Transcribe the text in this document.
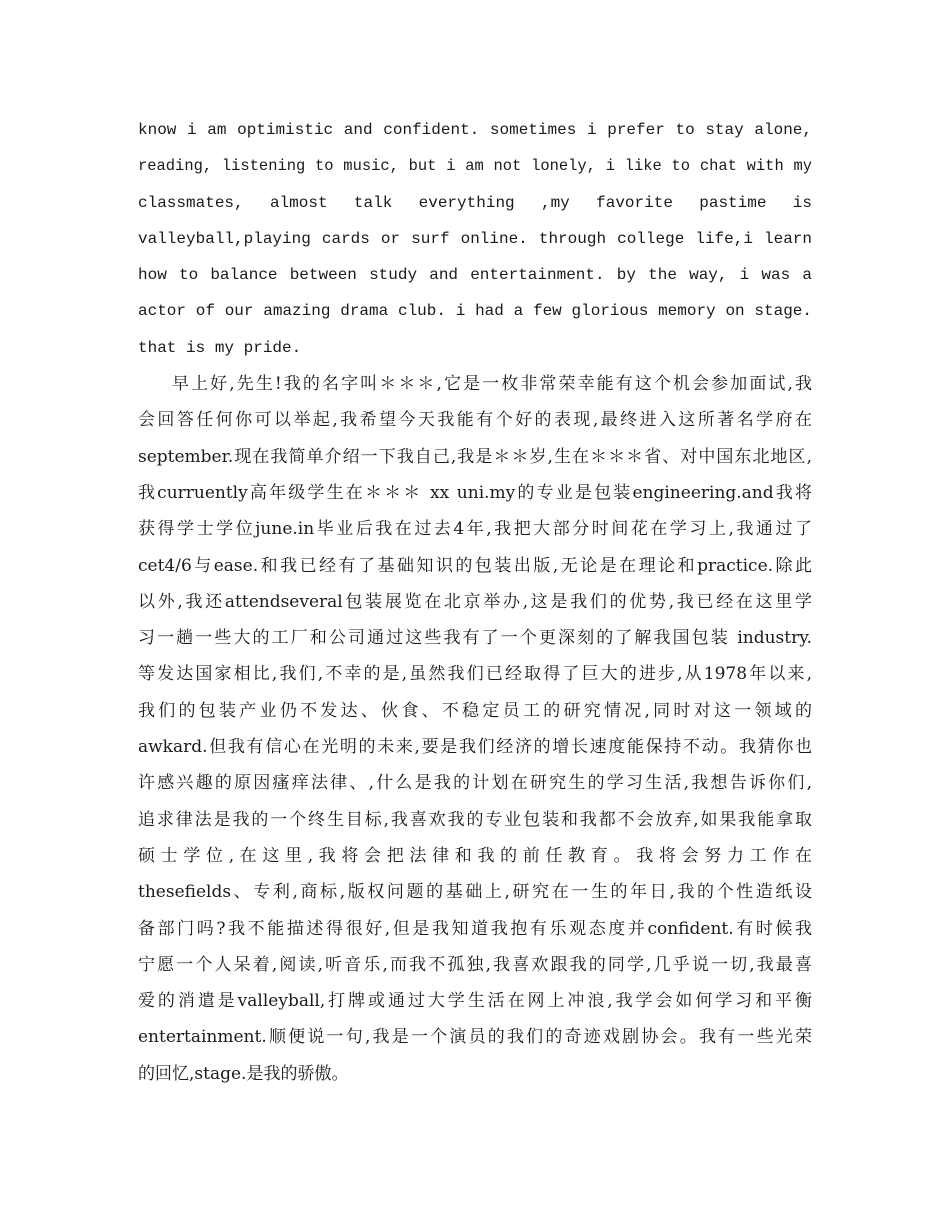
know i am optimistic and confident. sometimes i prefer to stay alone,
reading, listening to music, but i am not lonely, i like to chat with my
classmates, almost talk everything ,my favorite pastime is
valleyball,playing cards or surf online. through college life,i learn
how to balance between study and entertainment. by the way, i was a
actor of our amazing drama club. i had a few glorious memory on stage.
that is my pride.
早上好,先生!我的名字叫＊＊＊,它是一枚非常荣幸能有这个机会参加面试,我
会回答任何你可以举起,我希望今天我能有个好的表现,最终进入这所著名学府在
september.现在我简单介绍一下我自己,我是＊＊岁,生在＊＊＊省、对中国东北地区,
我curruently高年级学生在＊＊＊ xx uni.my的专业是包装engineering.and我将
获得学士学位june.in毕业后我在过去4年,我把大部分时间花在学习上,我通过了
cet4/6与ease.和我已经有了基础知识的包装出版,无论是在理论和practice.除此
以外,我还attendseveral包装展览在北京举办,这是我们的优势,我已经在这里学
习一趟一些大的工厂和公司通过这些我有了一个更深刻的了解我国包装 industry.
等发达国家相比,我们,不幸的是,虽然我们已经取得了巨大的进步,从1978年以来,
我们的包装产业仍不发达、伙食、不稳定员工的研究情况,同时对这一领域的
awkard.但我有信心在光明的未来,要是我们经济的增长速度能保持不动。我猜你也
许感兴趣的原因瘙痒法律、,什么是我的计划在研究生的学习生活,我想告诉你们,
追求律法是我的一个终生目标,我喜欢我的专业包装和我都不会放弃,如果我能拿取
硕 士 学 位 , 在 这 里 , 我 将 会 把 法 律 和 我 的 前 任 教 育 。 我 将 会 努 力 工 作 在
thesefields、专利,商标,版权问题的基础上,研究在一生的年日,我的个性造纸设
备部门吗?我不能描述得很好,但是我知道我抱有乐观态度并confident.有时候我
宁愿一个人呆着,阅读,听音乐,而我不孤独,我喜欢跟我的同学,几乎说一切,我最喜
爱的消遣是valleyball,打牌或通过大学生活在网上冲浪,我学会如何学习和平衡
entertainment.顺便说一句,我是一个演员的我们的奇迹戏剧协会。我有一些光荣
的回忆,stage.是我的骄傲。
